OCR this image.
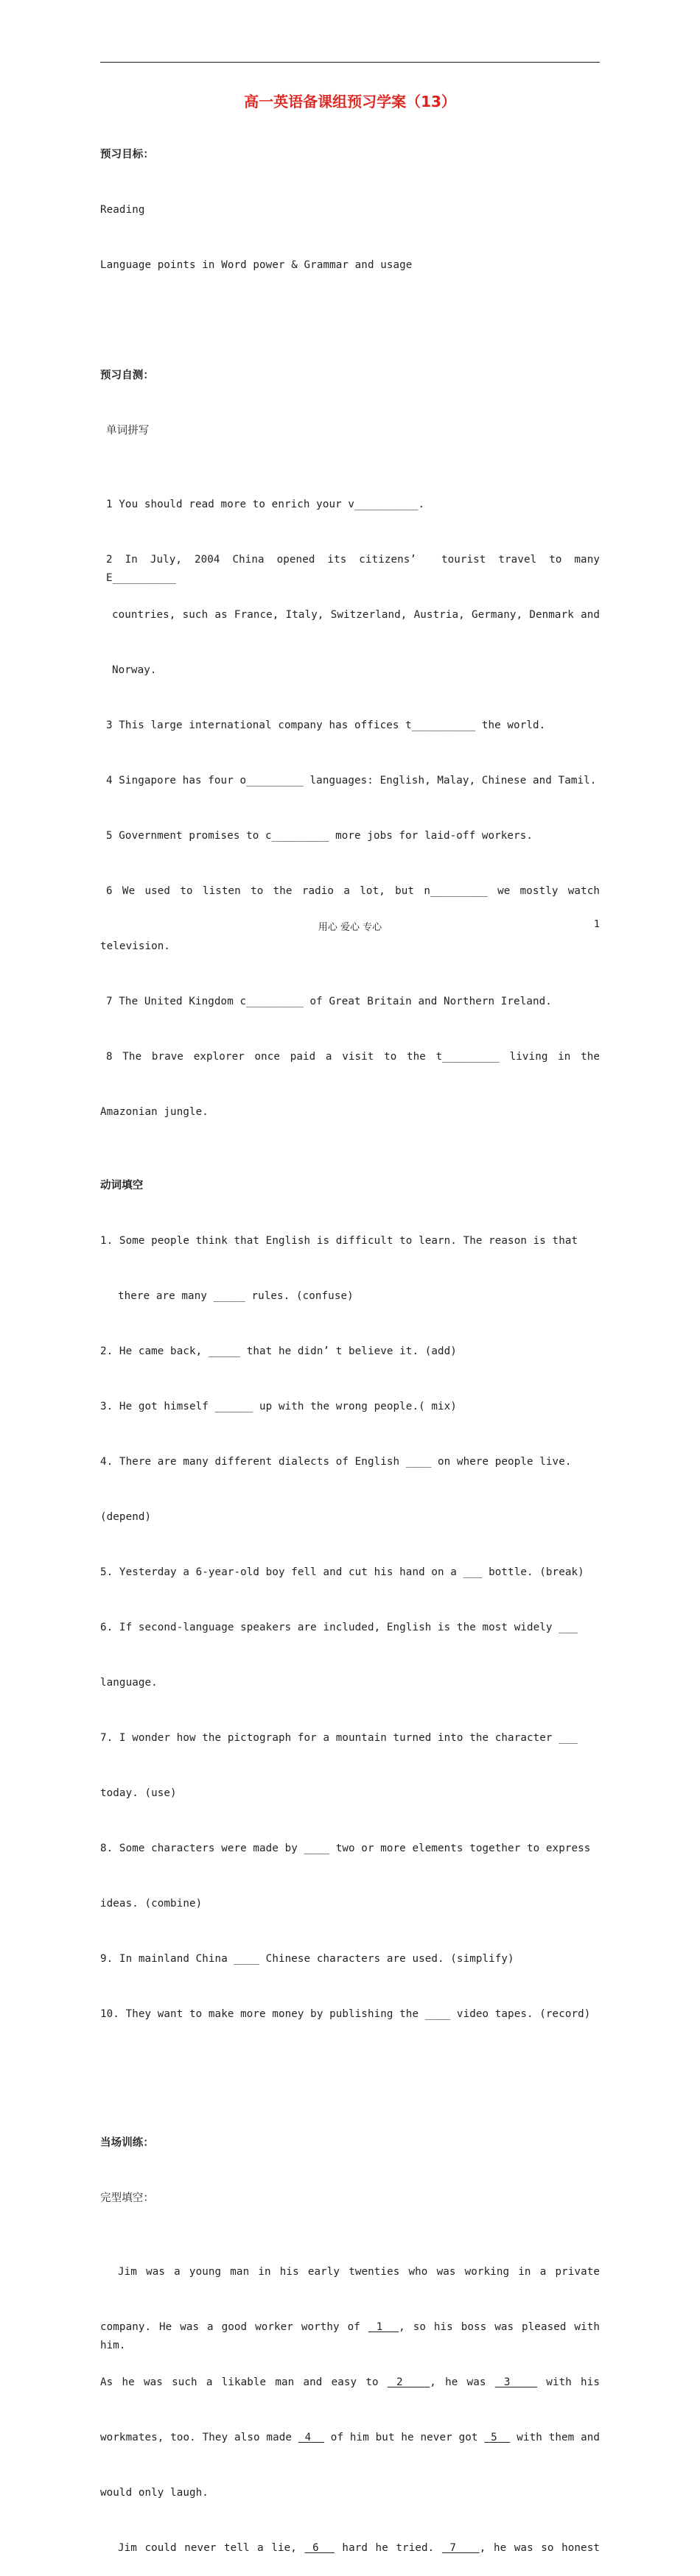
高一英语备课组预习学案（13）

预习目标：

Reading

Language points in Word power & Grammar and usage

预习自测：

单词拼写

1 You should read more to enrich your v__________.

2 In July, 2004 China opened its citizens’  tourist travel to many E__________

countries, such as France, Italy, Switzerland, Austria, Germany, Denmark and

Norway.

3 This large international company has offices t__________ the world.

4 Singapore has four o_________ languages: English, Malay, Chinese and Tamil.

5 Government promises to c_________ more jobs for laid-off workers.

6 We used to listen to the radio a lot, but n_________ we mostly watch

television.

7 The United Kingdom c_________ of Great Britain and Northern Ireland.

8 The brave explorer once paid a visit to the t_________ living in the

Amazonian jungle.

动词填空

1. Some people think that English is difficult to learn. The reason is that

there are many _____ rules. (confuse)

2. He came back, _____ that he didn’ t believe it. (add)

3. He got himself ______ up with the wrong people.( mix)

4. There are many different dialects of English ____ on where people live.

(depend)

5. Yesterday a 6-year-old boy fell and cut his hand on a ___ bottle. (break)

6. If second-language speakers are included, English is the most widely ___

language.

7. I wonder how the pictograph for a mountain turned into the character ___

today. (use)

8. Some characters were made by ____ two or more elements together to express

ideas. (combine)

9. In mainland China ____ Chinese characters are used. (simplify)

10. They want to make more money by publishing the ____ video tapes. (record)

当场训练：

完型填空：

Jim was a young man in his early twenties who was working in a private

company. He was a good worker worthy of  1  , so his boss was pleased with him.

As he was such a likable man and easy to  2   , he was  3    with his

workmates, too. They also made  4   of him but he never got  5   with them and

would only laugh.

Jim could never tell a lie,  6   hard he tried.  7   , he was so honest

用心 爱心 专心	1
